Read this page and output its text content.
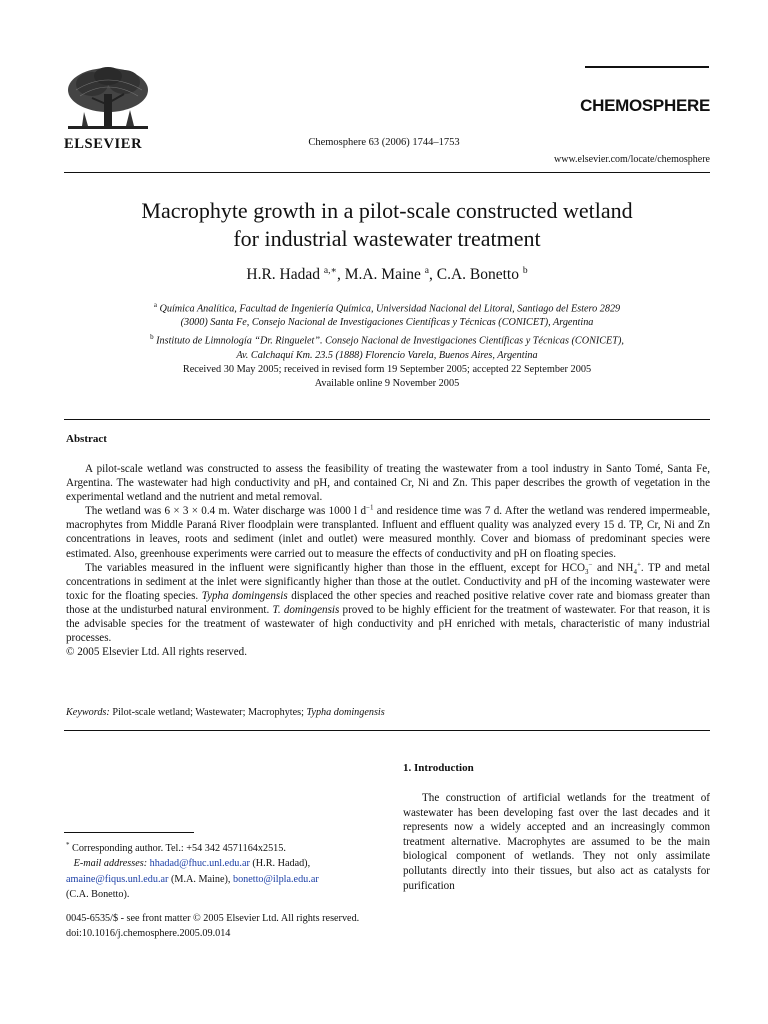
ELSEVIER	Chemosphere 63 (2006) 1744–1753
CHEMOSPHERE
www.elsevier.com/locate/chemosphere
Macrophyte growth in a pilot-scale constructed wetland
for industrial wastewater treatment
H.R. Hadad $^{a,∗}$, M.A. Maine $^a$, C.A. Bonetto $^b$
$^a$ Química Analítica, Facultad de Ingeniería Química, Universidad Nacional del Litoral, Santiago del Estero 2829
(3000) Santa Fe, Consejo Nacional de Investigaciones Científicas y Técnicas (CONICET), Argentina
$^b$ Instituto de Limnología “Dr. Ringuelet”. Consejo Nacional de Investigaciones Científicas y Técnicas (CONICET),
Av. Calchaquí Km. 23.5 (1888) Florencio Varela, Buenos Aires, Argentina
Received 30 May 2005; received in revised form 19 September 2005; accepted 22 September 2005
Available online 9 November 2005
Abstract

A pilot-scale wetland was constructed to assess the feasibility of treating the wastewater from a tool industry in Santo Tomé, Santa Fe, Argentina. The wastewater had high conductivity and pH, and contained Cr, Ni and Zn. This paper describes the growth of vegetation in the experimental wetland and the nutrient and metal removal.

The wetland was 6 × 3 × 0.4 m. Water discharge was 1000 l $d^{-1}$ and residence time was 7 d. After the wetland was rendered impermeable, macrophytes from Middle Paraná River floodplain were transplanted. Influent and effluent quality was analyzed every 15 d. TP, Cr, Ni and Zn concentrations in leaves, roots and sediment (inlet and outlet) were measured monthly. Cover and biomass of predominant species were estimated. Also, greenhouse experiments were carried out to measure the effects of conductivity and pH on floating species.

The variables measured in the influent were significantly higher than those in the effluent, except for $HCO_3^-$ and $NH_4^+$. TP and metal concentrations in sediment at the inlet were significantly higher than those at the outlet. Conductivity and pH of the incoming wastewater were toxic for the floating species. Typha domingensis displaced the other species and reached positive relative cover rate and biomass greater than those at the undisturbed natural environment. T. domingensis proved to be highly efficient for the treatment of wastewater. For that reason, it is the advisable species for the treatment of wastewater of high conductivity and pH enriched with metals, characteristic of many industrial processes.

© 2005 Elsevier Ltd. All rights reserved.

Keywords: Pilot-scale wetland; Wastewater; Macrophytes; Typha domingensis
1. Introduction
The construction of artificial wetlands for the treatment of wastewater has been developing fast over the last decades and it represents now a widely accepted and an increasingly common treatment alternative. Macrophytes are assumed to be the main biological component of wetlands. They not only assimilate pollutants directly into their tissues, but also act as catalysts for purification
* Corresponding author. Tel.: +54 342 4571164x2515.
E-mail addresses: hhadad@fhuc.unl.edu.ar (H.R. Hadad),
amaine@fiqus.unl.edu.ar (M.A. Maine), bonetto@ilpla.edu.ar
(C.A. Bonetto).
0045-6535/$ - see front matter © 2005 Elsevier Ltd. All rights reserved.
doi:10.1016/j.chemosphere.2005.09.014
